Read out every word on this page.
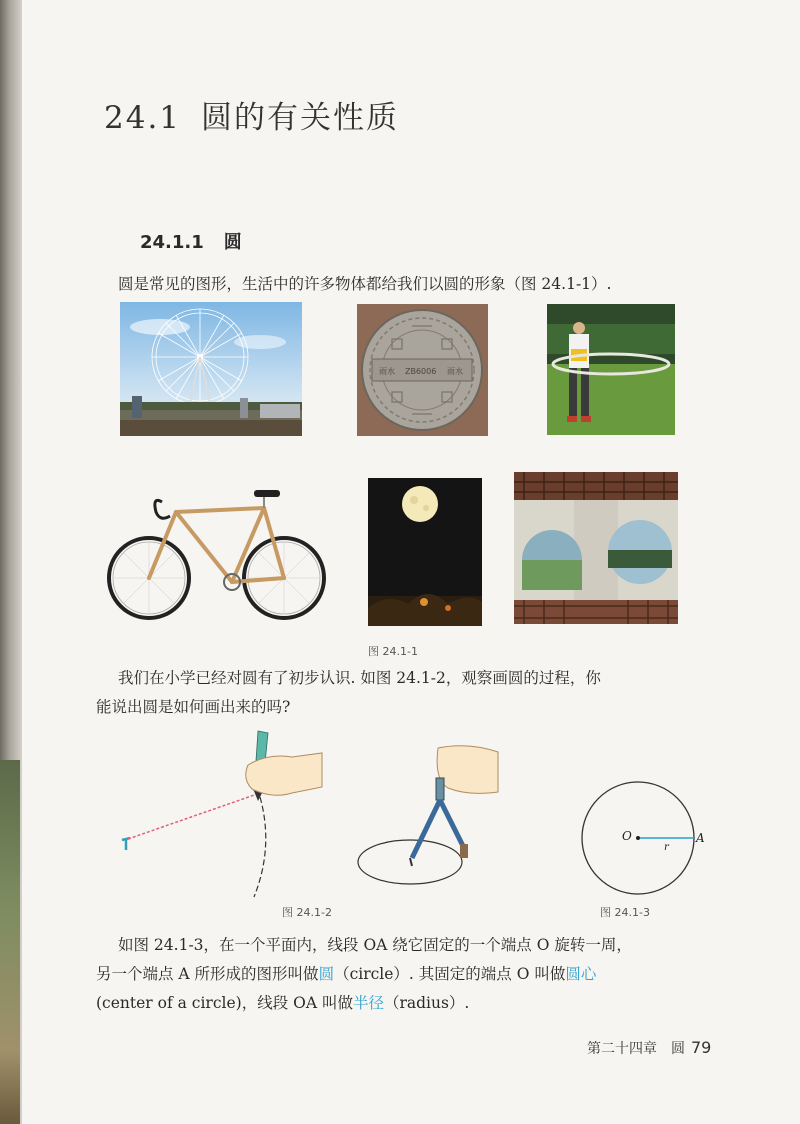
24.1 圆的有关性质
24.1.1 圆
圆是常见的图形，生活中的许多物体都给我们以圆的形象（图 24.1-1）.
雨水 ZB6006 雨水
图 24.1-1
我们在小学已经对圆有了初步认识. 如图 24.1-2，观察画圆的过程，你
能说出圆是如何画出来的吗?
图 24.1-2
O	A
r
图 24.1-3
如图 24.1-3，在一个平面内，线段 OA 绕它固定的一个端点 O 旋转一周，
另一个端点 A 所形成的图形叫做圆（circle）. 其固定的端点 O 叫做圆心
(center of a circle)，线段 OA 叫做半径（radius）.
第二十四章　圆 79
